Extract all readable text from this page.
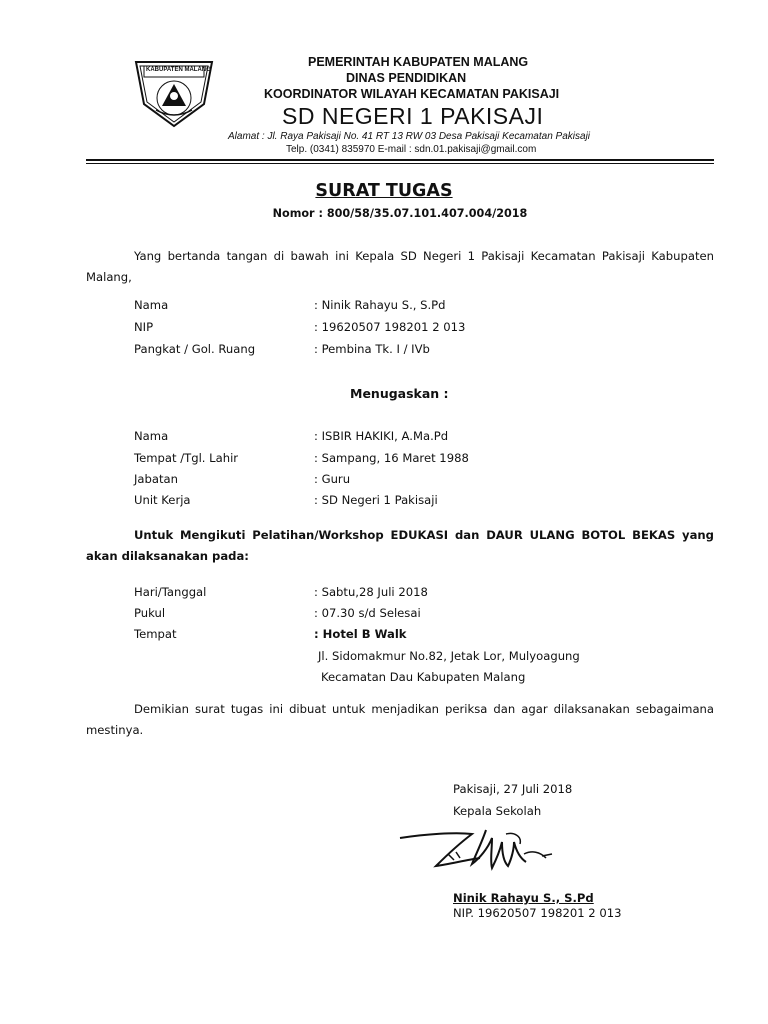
KABUPATEN MALANG
PEMERINTAH KABUPATEN MALANG
DINAS PENDIDIKAN
KOORDINATOR WILAYAH KECAMATAN PAKISAJI
SD NEGERI 1 PAKISAJI
Alamat : Jl. Raya Pakisaji No. 41 RT 13 RW 03 Desa Pakisaji Kecamatan Pakisaji
Telp. (0341) 835970 E-mail : sdn.01.pakisaji@gmail.com
SURAT TUGAS
Nomor : 800/58/35.07.101.407.004/2018
Yang bertanda tangan di bawah ini Kepala SD Negeri 1 Pakisaji Kecamatan Pakisaji Kabupaten Malang,
Nama	: Ninik Rahayu S., S.Pd
NIP	: 19620507 198201 2 013
Pangkat / Gol. Ruang	: Pembina Tk. I / IVb
Menugaskan :
Nama	: ISBIR HAKIKI, A.Ma.Pd
Tempat /Tgl. Lahir	: Sampang, 16 Maret 1988
Jabatan	: Guru
Unit Kerja	: SD Negeri 1 Pakisaji
Untuk Mengikuti Pelatihan/Workshop EDUKASI dan DAUR ULANG BOTOL BEKAS yang akan dilaksanakan pada:
Hari/Tanggal	: Sabtu,28 Juli 2018
Pukul	: 07.30 s/d Selesai
Tempat	: Hotel B Walk
Jl. Sidomakmur No.82, Jetak Lor, Mulyoagung
Kecamatan Dau Kabupaten Malang
Demikian surat tugas ini dibuat untuk menjadikan periksa dan agar dilaksanakan sebagaimana mestinya.
Pakisaji, 27 Juli 2018
Kepala Sekolah
Ninik Rahayu S., S.Pd
NIP. 19620507 198201 2 013
